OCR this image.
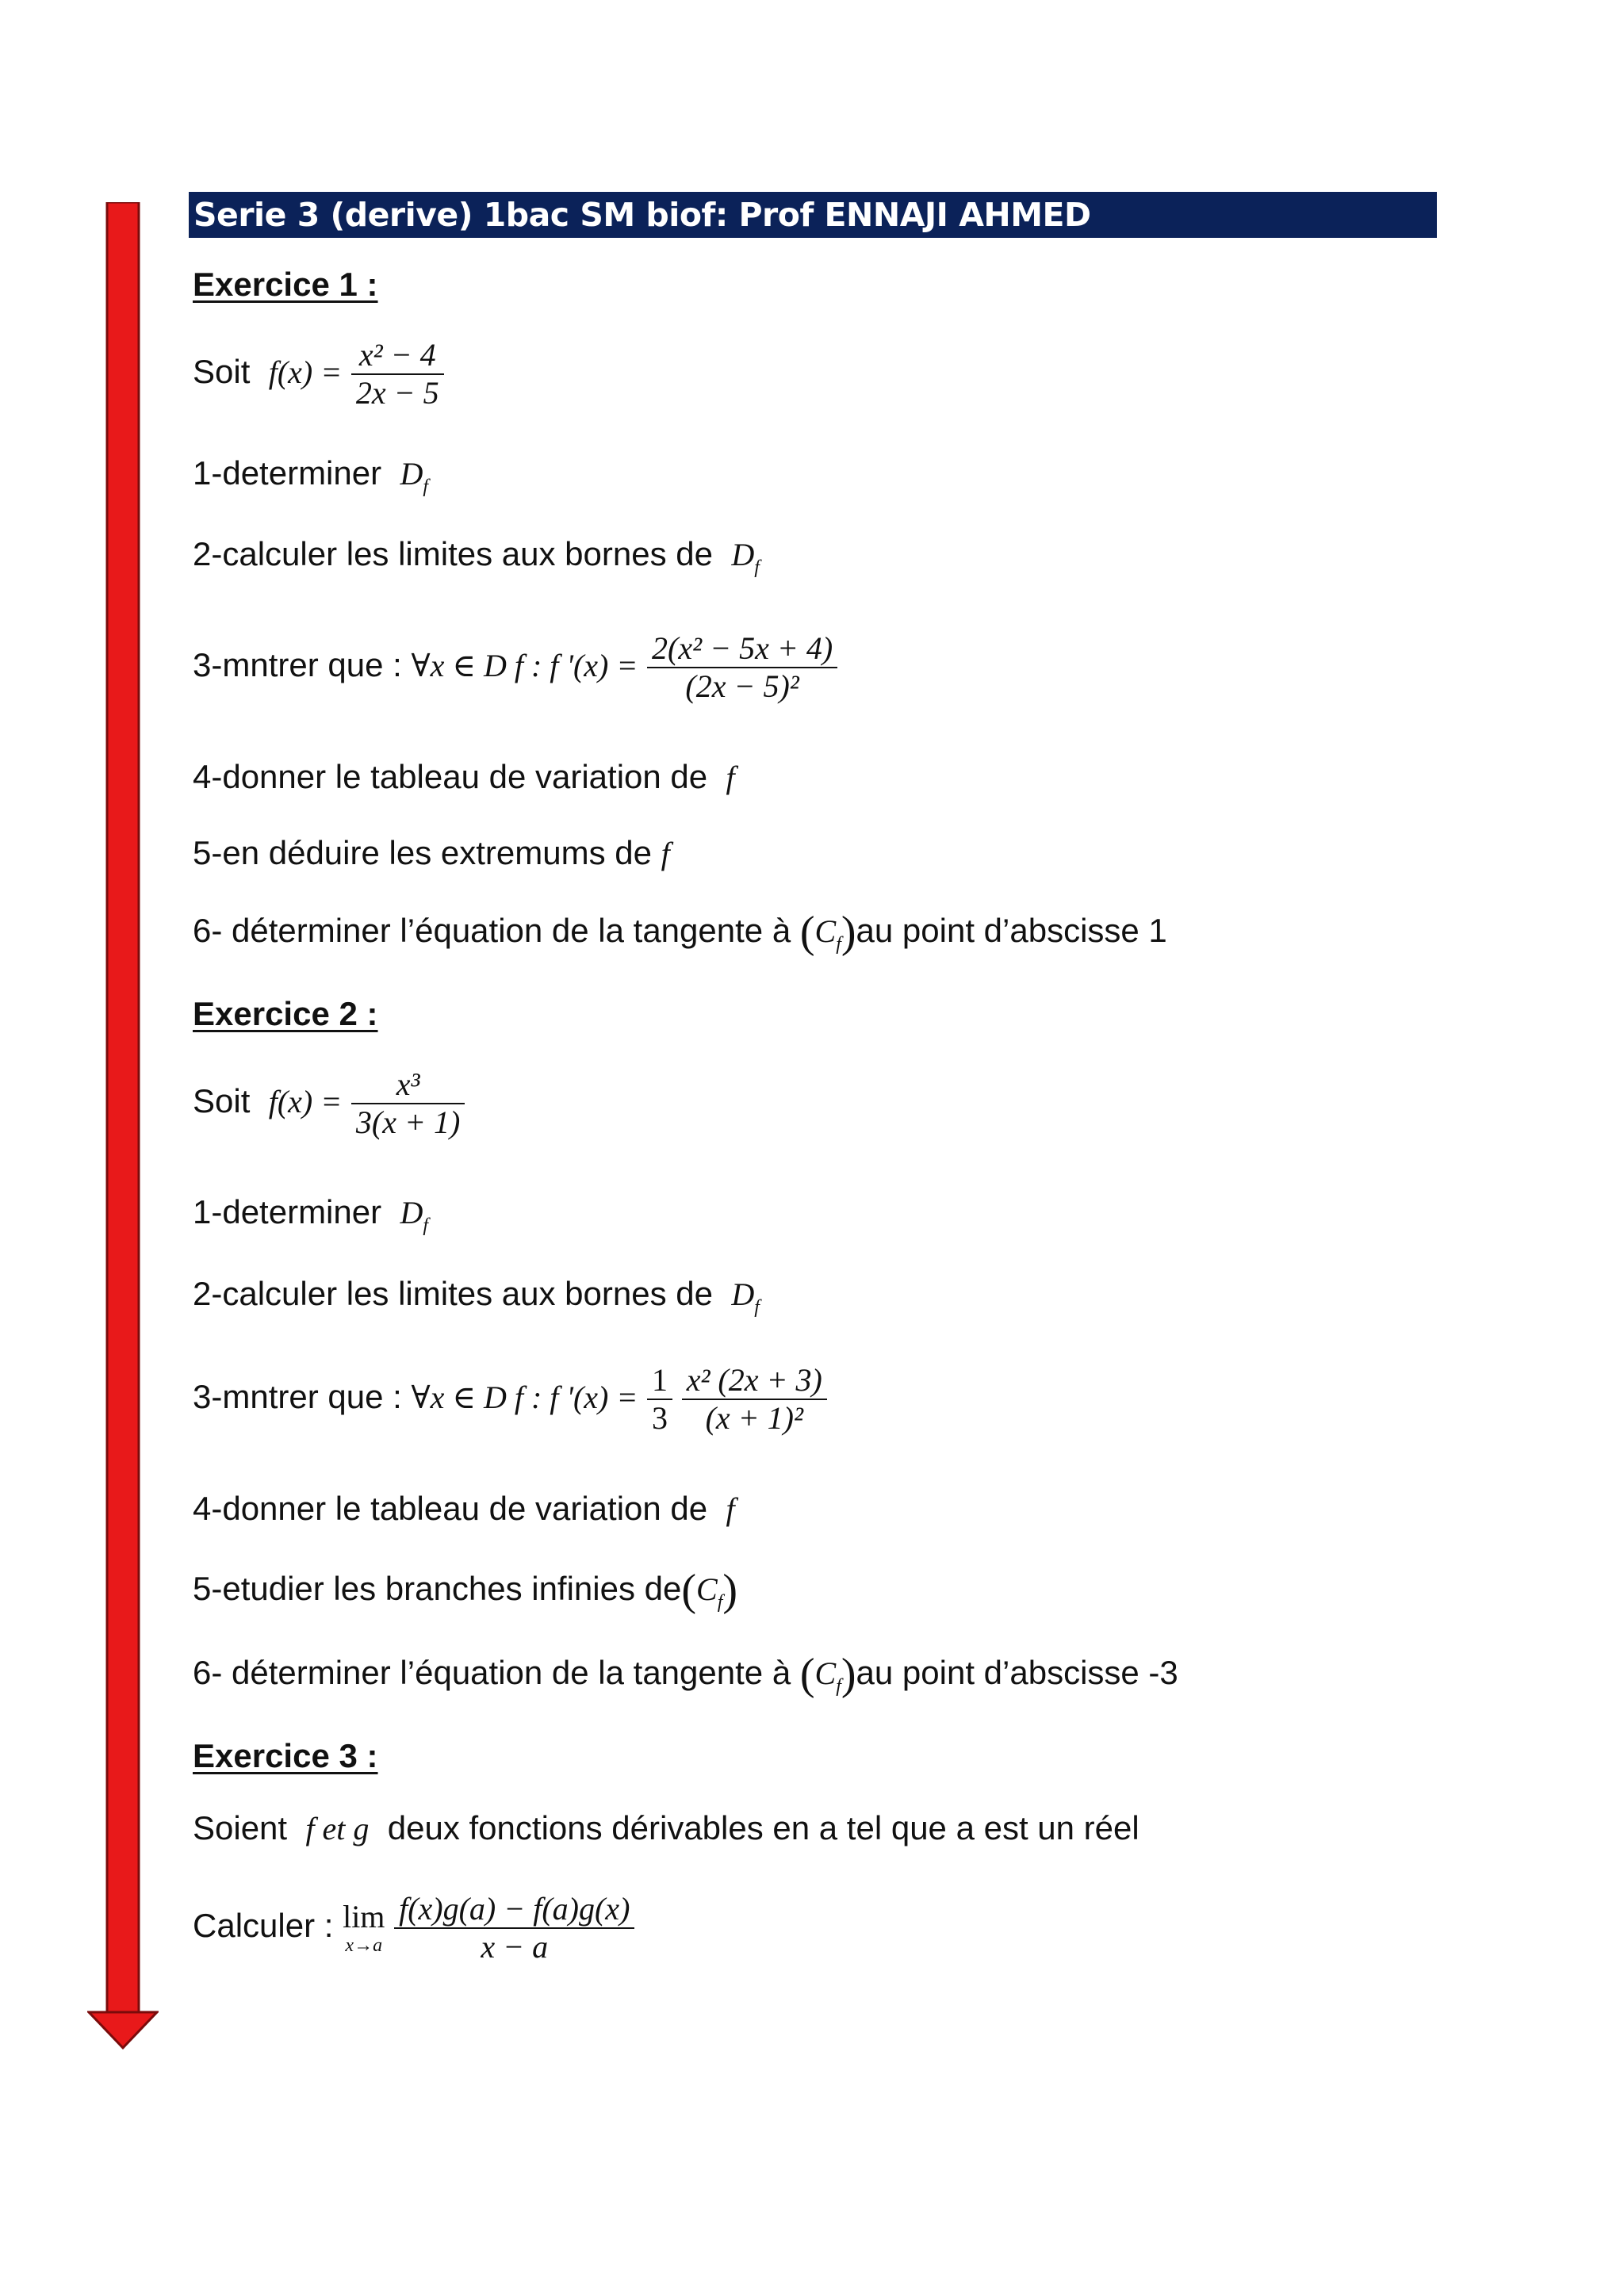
Serie 3 (derive) 1bac SM biof: Prof ENNAJI AHMED
Exercice 1 :
Soit $f(x) = \frac{\text{x² − 4}}{2x - 5}$
1-determiner $D_f$
2-calculer les limites aux bornes de $D_f$
3-mntrer que : ∀x ∈ D f : f '$(x) = \frac{\text{2(x² − 5x + 4)}}{\text{(2x − 5)²}}$
4-donner le tableau de variation de f
5-en déduire les extremums de f
6- déterminer l’équation de la tangente à $(C_f)au$ point d’abscisse 1
Exercice 2 :
Soit $f(x) = \frac{\text{x³}}{3(x + 1)}$
1-determiner $D_f$
2-calculer les limites aux bornes de $D_f$
3-mntrer que : ∀x ∈ D f : f '$(x) = \frac{1}{3}$
$\frac{\text{x² (2x + 3)}}{\text{(x + 1)²}}$
4-donner le tableau de variation de f
5-etudier les branches infinies $de(C_f)$
6- déterminer l’équation de la tangente à $(C_f)au$ point d’abscisse -3
Exercice 3 :
Soient f et g deux fonctions dérivables en a tel que a est un réel
Calculer : lim
x→a
$\frac{f(x)g(a) - f(a)g(x)}{x - a}$
